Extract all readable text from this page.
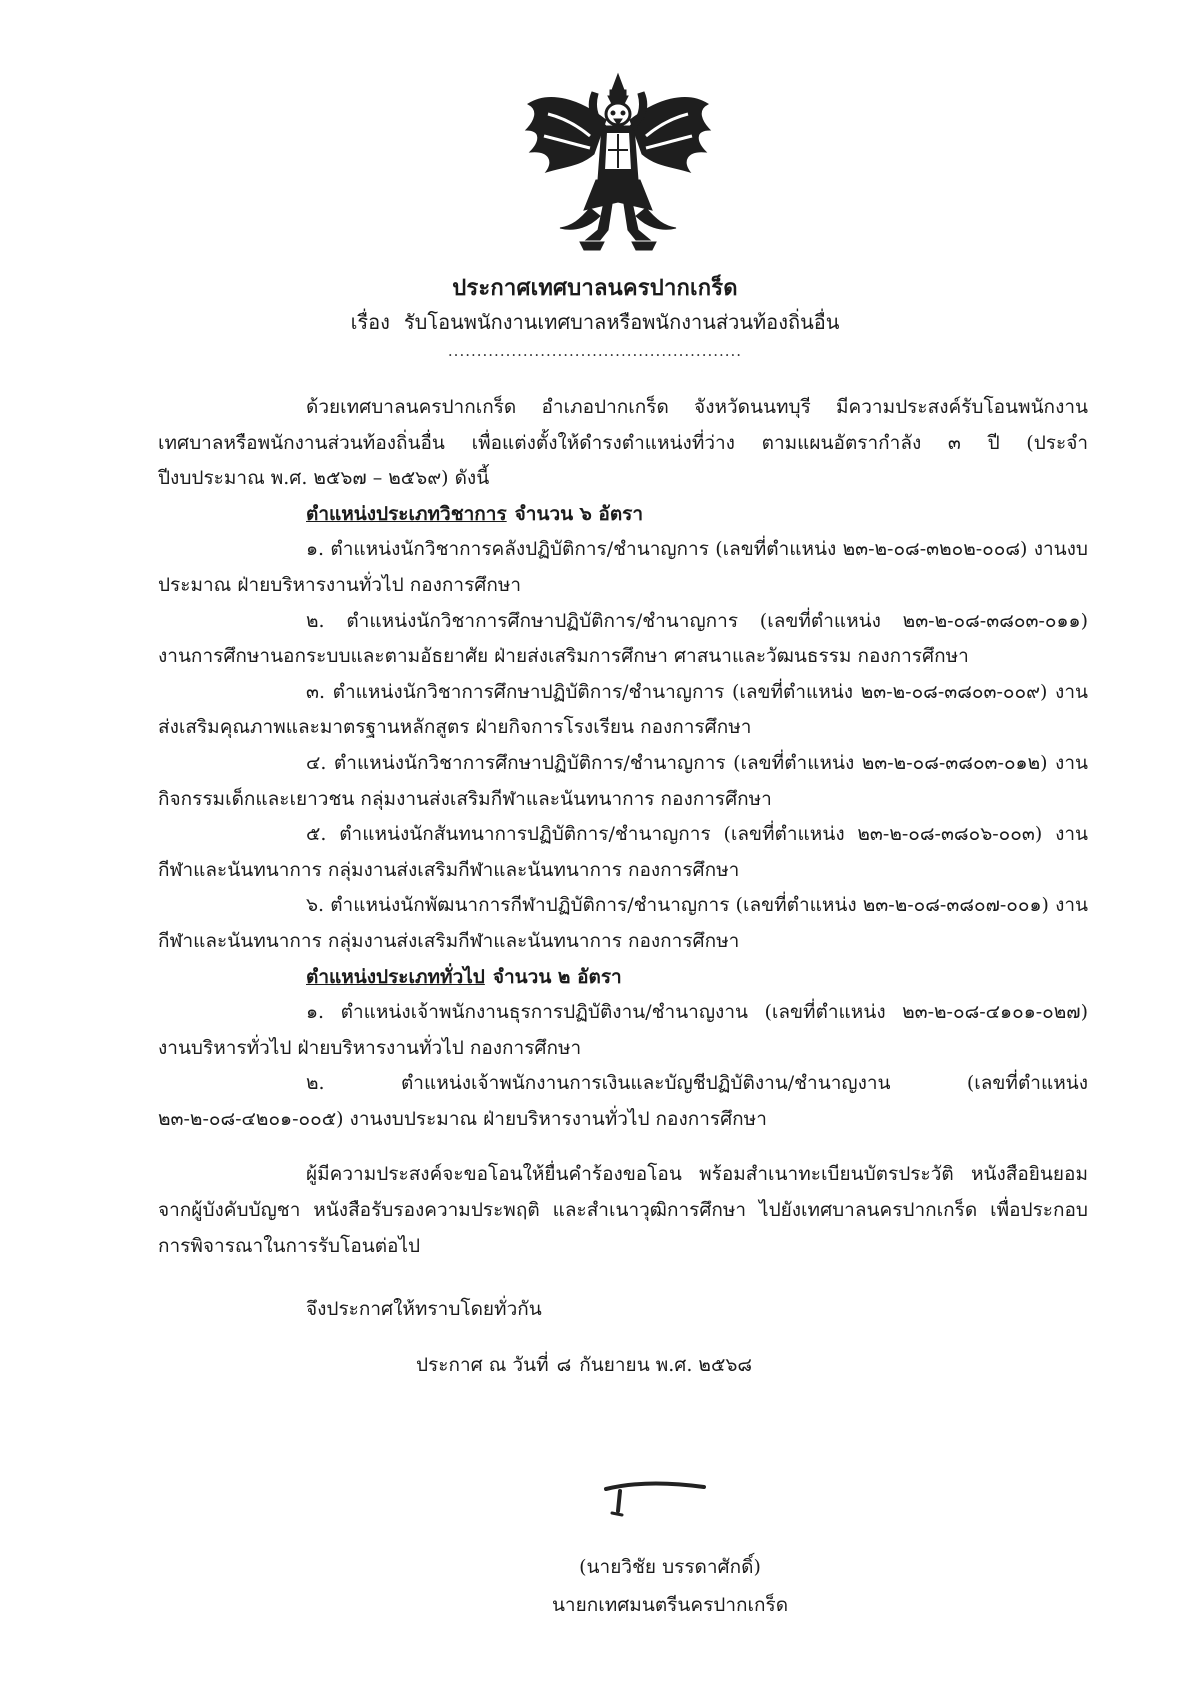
ประกาศเทศบาลนครปากเกร็ด
เรื่อง รับโอนพนักงานเทศบาลหรือพนักงานส่วนท้องถิ่นอื่น
...................................................
ด้วยเทศบาลนครปากเกร็ด อำเภอปากเกร็ด จังหวัดนนทบุรี มีความประสงค์รับโอนพนักงานเทศบาลหรือพนักงานส่วนท้องถิ่นอื่น เพื่อแต่งตั้งให้ดำรงตำแหน่งที่ว่าง ตามแผนอัตรากำลัง ๓ ปี (ประจำปีงบประมาณ พ.ศ. ๒๕๖๗ – ๒๕๖๙) ดังนี้
ตำแหน่งประเภทวิชาการ จำนวน ๖ อัตรา
๑. ตำแหน่งนักวิชาการคลังปฏิบัติการ/ชำนาญการ (เลขที่ตำแหน่ง ๒๓-๒-๐๘-๓๒๐๒-๐๐๘) งานงบประมาณ ฝ่ายบริหารงานทั่วไป กองการศึกษา
๒. ตำแหน่งนักวิชาการศึกษาปฏิบัติการ/ชำนาญการ (เลขที่ตำแหน่ง ๒๓-๒-๐๘-๓๘๐๓-๐๑๑) งานการศึกษานอกระบบและตามอัธยาศัย ฝ่ายส่งเสริมการศึกษา ศาสนาและวัฒนธรรม กองการศึกษา
๓. ตำแหน่งนักวิชาการศึกษาปฏิบัติการ/ชำนาญการ (เลขที่ตำแหน่ง ๒๓-๒-๐๘-๓๘๐๓-๐๐๙) งานส่งเสริมคุณภาพและมาตรฐานหลักสูตร ฝ่ายกิจการโรงเรียน กองการศึกษา
๔. ตำแหน่งนักวิชาการศึกษาปฏิบัติการ/ชำนาญการ (เลขที่ตำแหน่ง ๒๓-๒-๐๘-๓๘๐๓-๐๑๒) งานกิจกรรมเด็กและเยาวชน กลุ่มงานส่งเสริมกีฬาและนันทนาการ กองการศึกษา
๕. ตำแหน่งนักสันทนาการปฏิบัติการ/ชำนาญการ (เลขที่ตำแหน่ง ๒๓-๒-๐๘-๓๘๐๖-๐๐๓) งานกีฬาและนันทนาการ กลุ่มงานส่งเสริมกีฬาและนันทนาการ กองการศึกษา
๖. ตำแหน่งนักพัฒนาการกีฬาปฏิบัติการ/ชำนาญการ (เลขที่ตำแหน่ง ๒๓-๒-๐๘-๓๘๐๗-๐๐๑) งานกีฬาและนันทนาการ กลุ่มงานส่งเสริมกีฬาและนันทนาการ กองการศึกษา
ตำแหน่งประเภททั่วไป จำนวน ๒ อัตรา
๑. ตำแหน่งเจ้าพนักงานธุรการปฏิบัติงาน/ชำนาญงาน (เลขที่ตำแหน่ง ๒๓-๒-๐๘-๔๑๐๑-๐๒๗) งานบริหารทั่วไป ฝ่ายบริหารงานทั่วไป กองการศึกษา
๒. ตำแหน่งเจ้าพนักงานการเงินและบัญชีปฏิบัติงาน/ชำนาญงาน (เลขที่ตำแหน่ง ๒๓-๒-๐๘-๔๒๐๑-๐๐๕) งานงบประมาณ ฝ่ายบริหารงานทั่วไป กองการศึกษา
ผู้มีความประสงค์จะขอโอนให้ยื่นคำร้องขอโอน พร้อมสำเนาทะเบียนบัตรประวัติ หนังสือยินยอมจากผู้บังคับบัญชา หนังสือรับรองความประพฤติ และสำเนาวุฒิการศึกษา ไปยังเทศบาลนครปากเกร็ด เพื่อประกอบการพิจารณาในการรับโอนต่อไป
จึงประกาศให้ทราบโดยทั่วกัน
ประกาศ ณ วันที่ ๘ กันยายน พ.ศ. ๒๕๖๘
(นายวิชัย บรรดาศักดิ์)
นายกเทศมนตรีนครปากเกร็ด
